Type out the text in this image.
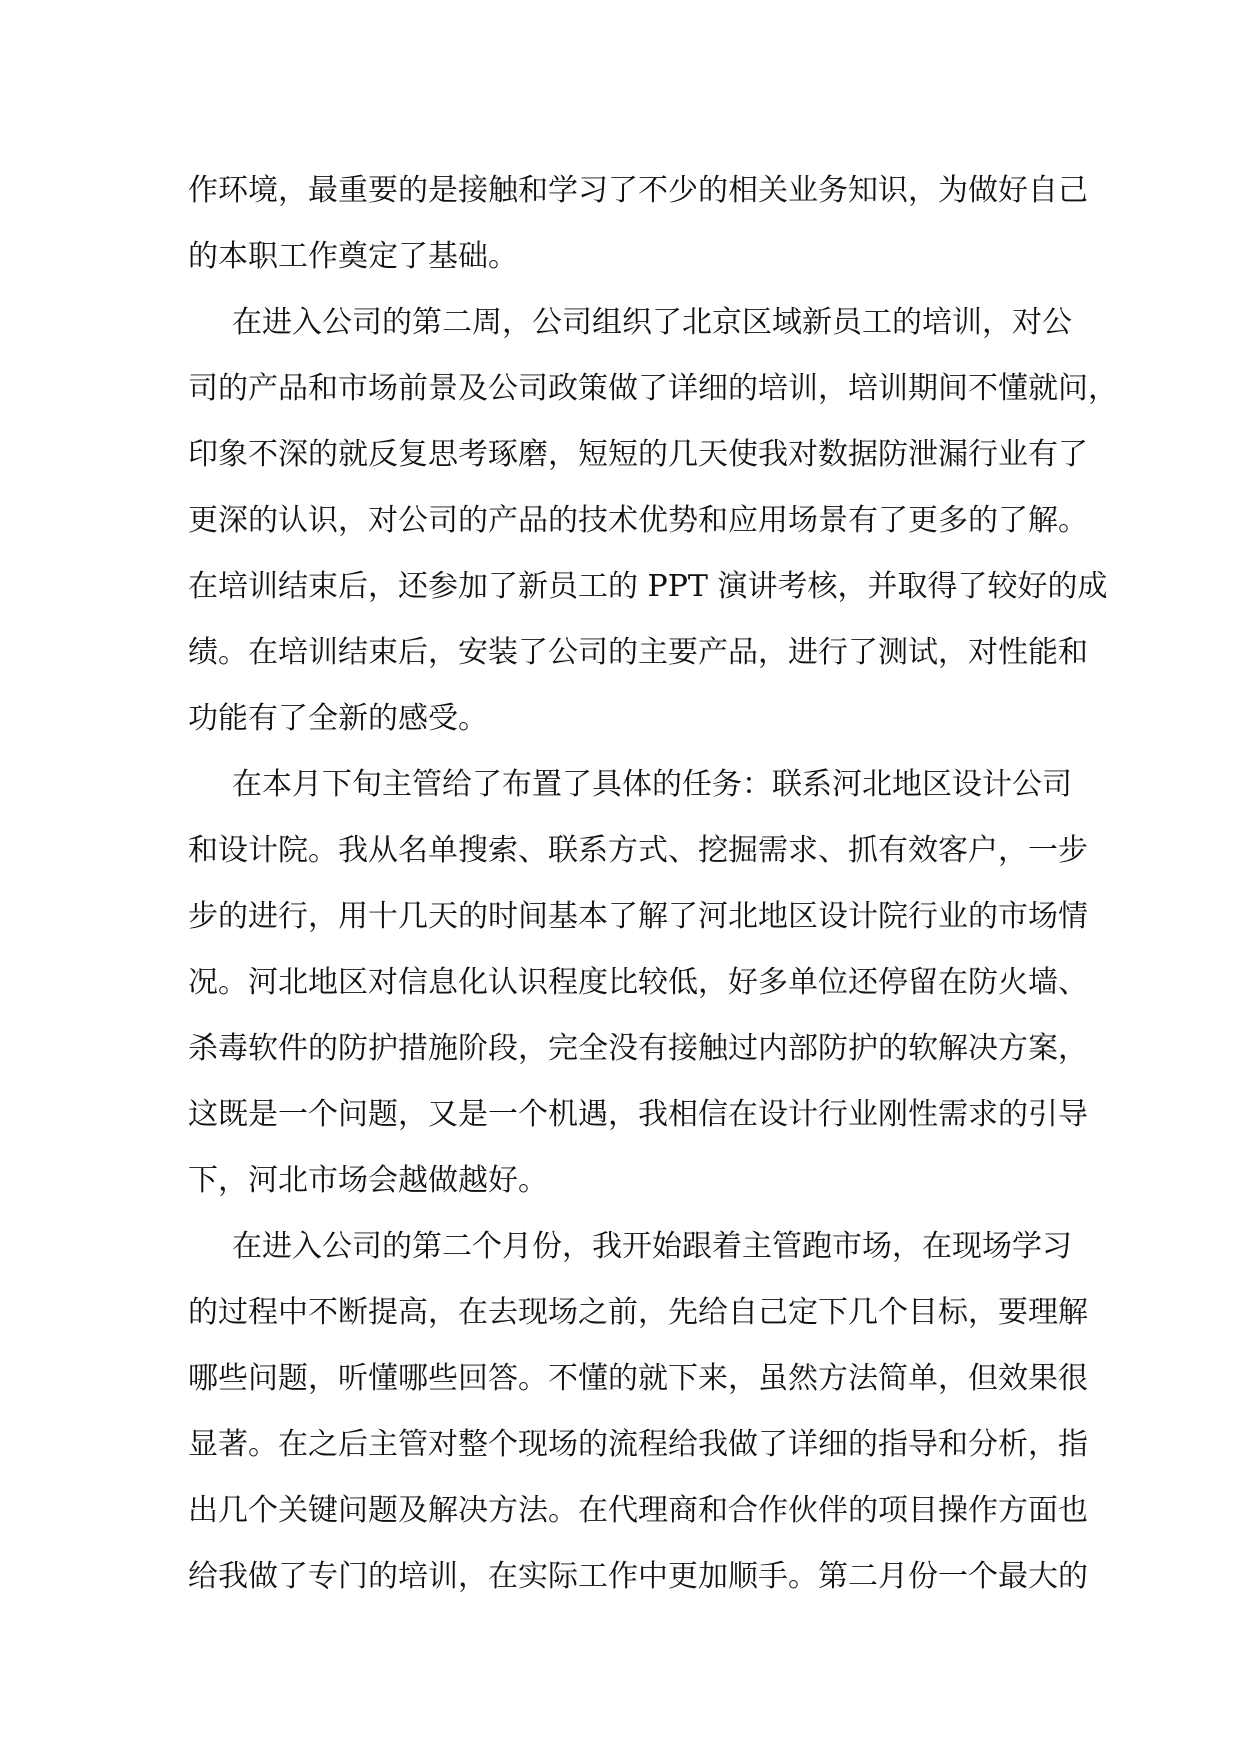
作环境，最重要的是接触和学习了不少的相关业务知识，为做好自己
的本职工作奠定了基础。
在进入公司的第二周，公司组织了北京区域新员工的培训，对公
司的产品和市场前景及公司政策做了详细的培训，培训期间不懂就问，
印象不深的就反复思考琢磨，短短的几天使我对数据防泄漏行业有了
更深的认识，对公司的产品的技术优势和应用场景有了更多的了解。
在培训结束后，还参加了新员工的 PPT 演讲考核，并取得了较好的成
绩。在培训结束后，安装了公司的主要产品，进行了测试，对性能和
功能有了全新的感受。
在本月下旬主管给了布置了具体的任务：联系河北地区设计公司
和设计院。我从名单搜索、联系方式、挖掘需求、抓有效客户，一步
步的进行，用十几天的时间基本了解了河北地区设计院行业的市场情
况。河北地区对信息化认识程度比较低，好多单位还停留在防火墙、
杀毒软件的防护措施阶段，完全没有接触过内部防护的软解决方案，
这既是一个问题，又是一个机遇，我相信在设计行业刚性需求的引导
下，河北市场会越做越好。
在进入公司的第二个月份，我开始跟着主管跑市场，在现场学习
的过程中不断提高，在去现场之前，先给自己定下几个目标，要理解
哪些问题，听懂哪些回答。不懂的就下来，虽然方法简单，但效果很
显著。在之后主管对整个现场的流程给我做了详细的指导和分析，指
出几个关键问题及解决方法。在代理商和合作伙伴的项目操作方面也
给我做了专门的培训，在实际工作中更加顺手。第二月份一个最大的
